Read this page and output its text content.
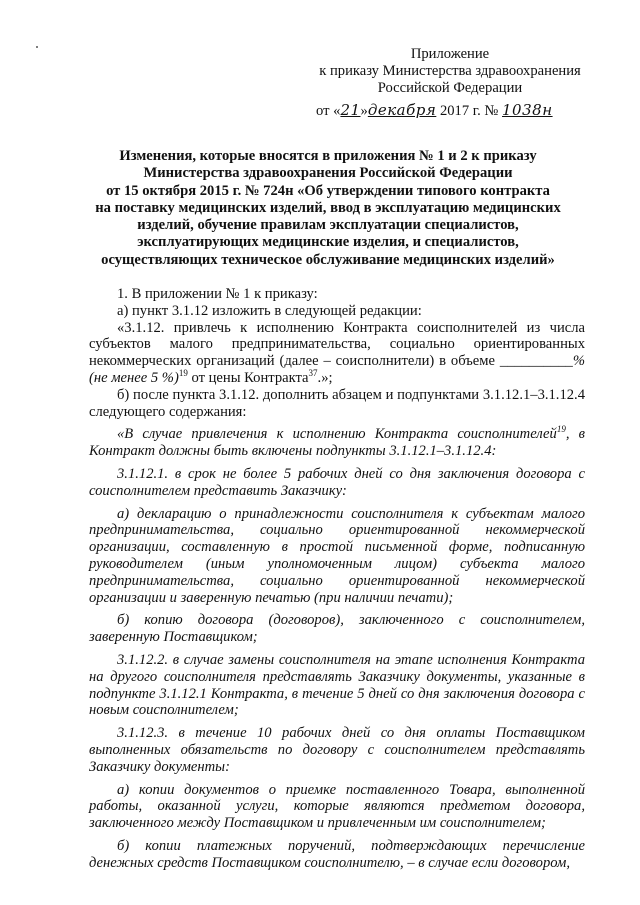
Приложение
к приказу Министерства здравоохранения
Российской Федерации
от «21»декабря 2017 г. № 1038н
Изменения, которые вносятся в приложения № 1 и 2 к приказу
Министерства здравоохранения Российской Федерации
от 15 октября 2015 г. № 724н «Об утверждении типового контракта
на поставку медицинских изделий, ввод в эксплуатацию медицинских
изделий, обучение правилам эксплуатации специалистов,
эксплуатирующих медицинские изделия, и специалистов,
осуществляющих техническое обслуживание медицинских изделий»

1. В приложении № 1 к приказу:

а) пункт 3.1.12 изложить в следующей редакции:

«3.1.12. привлечь к исполнению Контракта соисполнителей из числа субъектов малого предпринимательства, социально ориентированных некоммерческих организаций (далее – соисполнители) в объеме __________% (не менее 5 %)$^{19}$ от цены Контракта$^{37}$.»;

б) после пункта 3.1.12. дополнить абзацем и подпунктами 3.1.12.1–3.1.12.4 следующего содержания:

«В случае привлечения к исполнению Контракта соисполнителей$^{19}$, в Контракт должны быть включены подпункты 3.1.12.1–3.1.12.4:

3.1.12.1. в срок не более 5 рабочих дней со дня заключения договора с соисполнителем представить Заказчику:

а) декларацию о принадлежности соисполнителя к субъектам малого предпринимательства, социально ориентированной некоммерческой организации, составленную в простой письменной форме, подписанную руководителем (иным уполномоченным лицом) субъекта малого предпринимательства, социально ориентированной некоммерческой организации и заверенную печатью (при наличии печати);

б) копию договора (договоров), заключенного с соисполнителем, заверенную Поставщиком;

3.1.12.2. в случае замены соисполнителя на этапе исполнения Контракта на другого соисполнителя представлять Заказчику документы, указанные в подпункте 3.1.12.1 Контракта, в течение 5 дней со дня заключения договора с новым соисполнителем;

3.1.12.3. в течение 10 рабочих дней со дня оплаты Поставщиком выполненных обязательств по договору с соисполнителем представлять Заказчику документы:

а) копии документов о приемке поставленного Товара, выполненной работы, оказанной услуги, которые являются предметом договора, заключенного между Поставщиком и привлеченным им соисполнителем;

б) копии платежных поручений, подтверждающих перечисление денежных средств Поставщиком соисполнителю, – в случае если договором,
